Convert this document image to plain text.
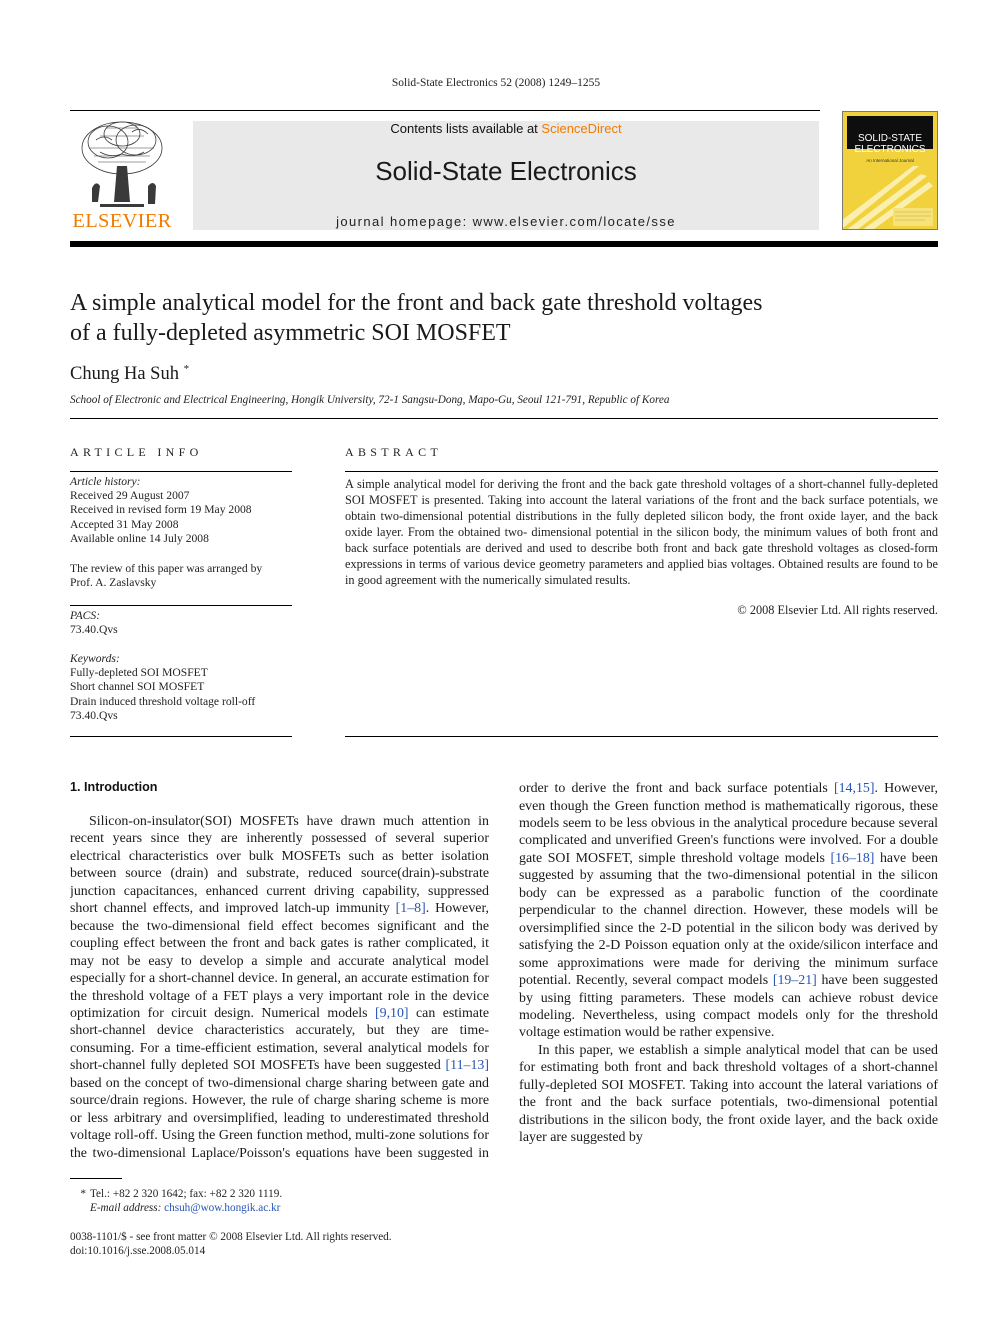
Solid-State Electronics 52 (2008) 1249–1255
ELSEVIER
Contents lists available at ScienceDirect
Solid-State Electronics
journal homepage: www.elsevier.com/locate/sse
SOLID-STATE
ELECTRONICS
An International Journal
A simple analytical model for the front and back gate threshold voltages
of a fully-depleted asymmetric SOI MOSFET
Chung Ha Suh *
School of Electronic and Electrical Engineering, Hongik University, 72-1 Sangsu-Dong, Mapo-Gu, Seoul 121-791, Republic of Korea
ARTICLE INFO
Article history:
Received 29 August 2007
Received in revised form 19 May 2008
Accepted 31 May 2008
Available online 14 July 2008
The review of this paper was arranged by
Prof. A. Zaslavsky
PACS:
73.40.Qvs
Keywords:
Fully-depleted SOI MOSFET
Short channel SOI MOSFET
Drain induced threshold voltage roll-off
73.40.Qvs
ABSTRACT
A simple analytical model for deriving the front and the back gate threshold voltages of a short-channel fully-depleted SOI MOSFET is presented. Taking into account the lateral variations of the front and the back surface potentials, we obtain two-dimensional potential distributions in the fully depleted silicon body, the front oxide layer, and the back oxide layer. From the obtained two- dimensional potential in the silicon body, the minimum values of both front and back surface potentials are derived and used to describe both front and back gate threshold voltages as closed-form expressions in terms of various device geometry parameters and applied bias voltages. Obtained results are found to be in good agreement with the numerically simulated results.
© 2008 Elsevier Ltd. All rights reserved.
1. Introduction

Silicon-on-insulator(SOI) MOSFETs have drawn much attention in recent years since they are inherently possessed of several superior electrical characteristics over bulk MOSFETs such as better isolation between source (drain) and substrate, reduced source(drain)-substrate junction capacitances, enhanced current driving capability, suppressed short channel effects, and improved latch-up immunity [1–8]. However, because the two-dimensional field effect becomes significant and the coupling effect between the front and back gates is rather complicated, it may not be easy to develop a simple and accurate analytical model especially for a short-channel device. In general, an accurate estimation for the threshold voltage of a FET plays a very important role in the device optimization for circuit design. Numerical models [9,10] can estimate short-channel device characteristics accurately, but they are time-consuming. For a time-efficient estimation, several analytical models for short-channel fully depleted SOI MOSFETs have been suggested [11–13] based on the concept of two-dimensional charge sharing between gate and source/drain regions. However, the rule of charge sharing scheme is more or less arbitrary and oversimplified, leading to underestimated threshold voltage roll-off. Using the Green function method, multi-zone solutions for the two-dimensional Laplace/Poisson's equations have been suggested in

order to derive the front and back surface potentials [14,15]. However, even though the Green function method is mathematically rigorous, these models seem to be less obvious in the analytical procedure because several complicated and unverified Green's functions were involved. For a double gate SOI MOSFET, simple threshold voltage models [16–18] have been suggested by assuming that the two-dimensional potential in the silicon body can be expressed as a parabolic function of the coordinate perpendicular to the channel direction. However, these models will be oversimplified since the 2-D potential in the silicon body was derived by satisfying the 2-D Poisson equation only at the oxide/silicon interface and some approximations were made for deriving the minimum surface potential. Recently, several compact models [19–21] have been suggested by using fitting parameters. These models can achieve robust device modeling. Nevertheless, using compact models only for the threshold voltage estimation would be rather expensive.

In this paper, we establish a simple analytical model that can be used for estimating both front and back threshold voltages of a short-channel fully-depleted SOI MOSFET. Taking into account the lateral variations of the front and the back surface potentials, two-dimensional potential distributions in the silicon body, the front oxide layer, and the back oxide layer are suggested by

* Tel.: +82 2 320 1642; fax: +82 2 320 1119.
E-mail address: chsuh@wow.hongik.ac.kr
0038-1101/$ - see front matter © 2008 Elsevier Ltd. All rights reserved.
doi:10.1016/j.sse.2008.05.014
